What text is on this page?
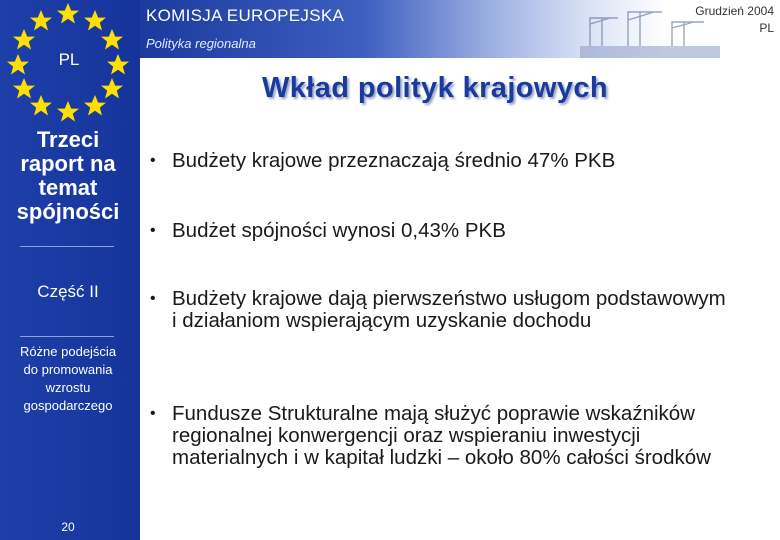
PL
Trzeci
raport na
temat
spójności
Część II
Różne podejścia
do promowania
wzrostu
gospodarczego
20
KOMISJA EUROPEJSKA
Polityka regionalna
Grudzień 2004
PL
Wkład polityk krajowych
• Budżety krajowe przeznaczają średnio 47% PKB
• Budżet spójności wynosi 0,43% PKB
• Budżety krajowe dają pierwszeństwo usługom podstawowym i działaniom wspierającym uzyskanie dochodu
• Fundusze Strukturalne mają służyć poprawie wskaźników regionalnej konwergencji oraz wspieraniu inwestycji materialnych i w kapitał ludzki – około 80% całości środków
